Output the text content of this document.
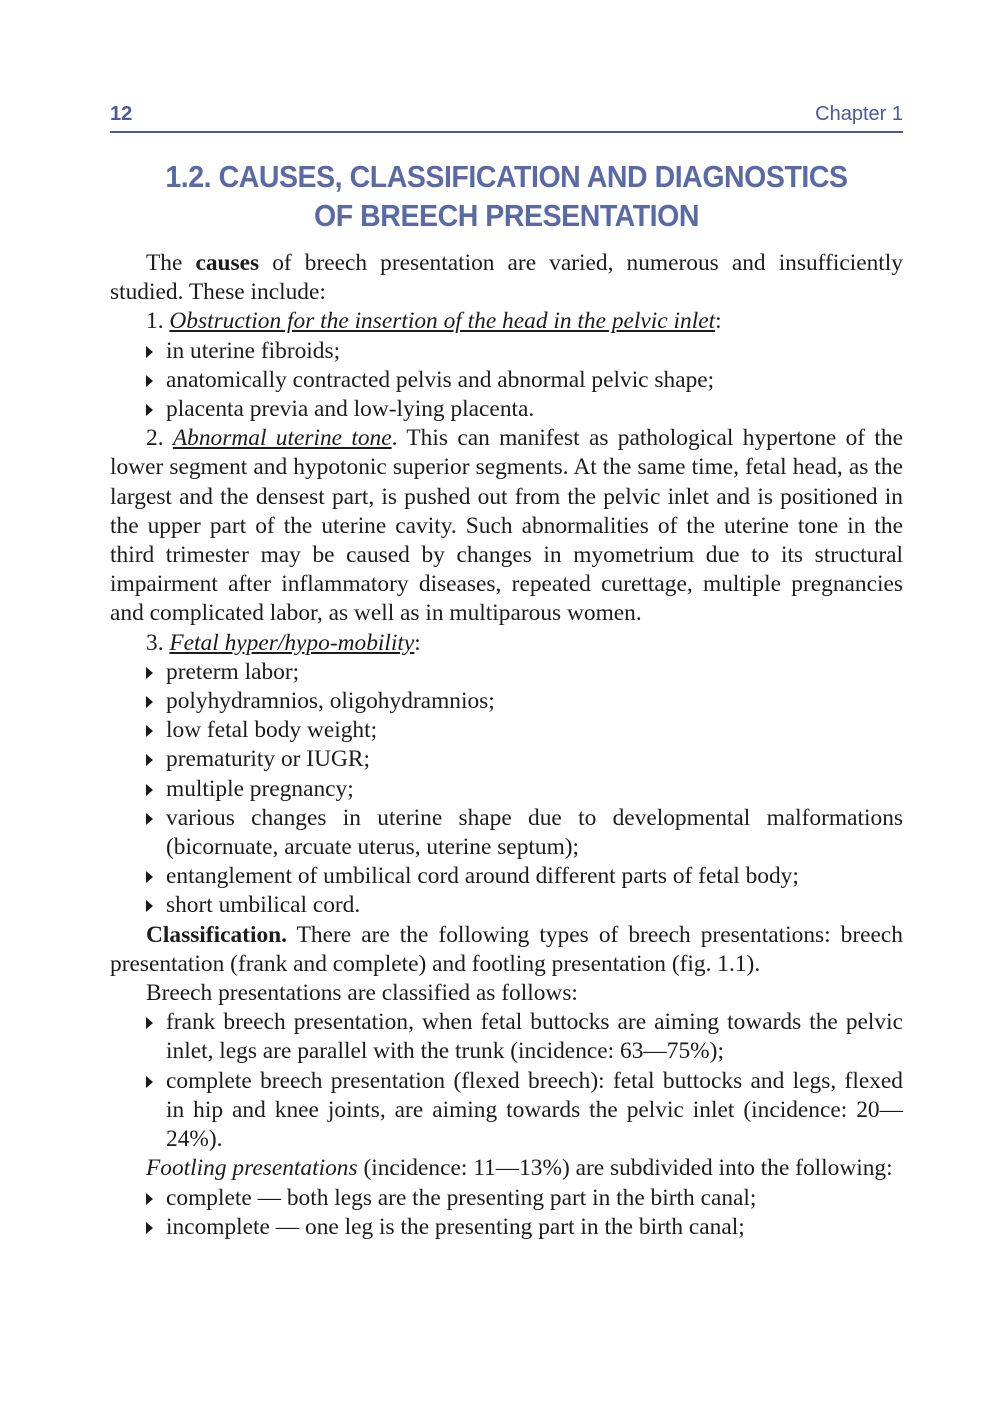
12	Chapter 1
1.2. CAUSES, CLASSIFICATION AND DIAGNOSTICS
OF BREECH PRESENTATION

The causes of breech presentation are varied, numerous and insufficiently studied. These include:

1. Obstruction for the insertion of the head in the pelvic inlet:

in uterine fibroids;
anatomically contracted pelvis and abnormal pelvic shape;
placenta previa and low-lying placenta.

2. Abnormal uterine tone. This can manifest as pathological hypertone of the lower segment and hypotonic superior segments. At the same time, fetal head, as the largest and the densest part, is pushed out from the pelvic inlet and is positioned in the upper part of the uterine cavity. Such abnormalities of the uterine tone in the third trimester may be caused by changes in myometrium due to its structural impairment after inflammatory diseases, repeated curettage, multiple pregnancies and complicated labor, as well as in multiparous women.

3. Fetal hyper/hypo-mobility:

preterm labor;
polyhydramnios, oligohydramnios;
low fetal body weight;
prematurity or IUGR;
multiple pregnancy;
various changes in uterine shape due to developmental malformations (bicornuate, arcuate uterus, uterine septum);
entanglement of umbilical cord around different parts of fetal body;
short umbilical cord.

Classification. There are the following types of breech presentations: breech presentation (frank and complete) and footling presentation (fig. 1.1).

Breech presentations are classified as follows:

frank breech presentation, when fetal buttocks are aiming towards the pelvic inlet, legs are parallel with the trunk (incidence: 63—75%);
complete breech presentation (flexed breech): fetal buttocks and legs, flexed in hip and knee joints, are aiming towards the pelvic inlet (incidence: 20—24%).

Footling presentations (incidence: 11—13%) are subdivided into the following:

complete — both legs are the presenting part in the birth canal;
incomplete — one leg is the presenting part in the birth canal;
